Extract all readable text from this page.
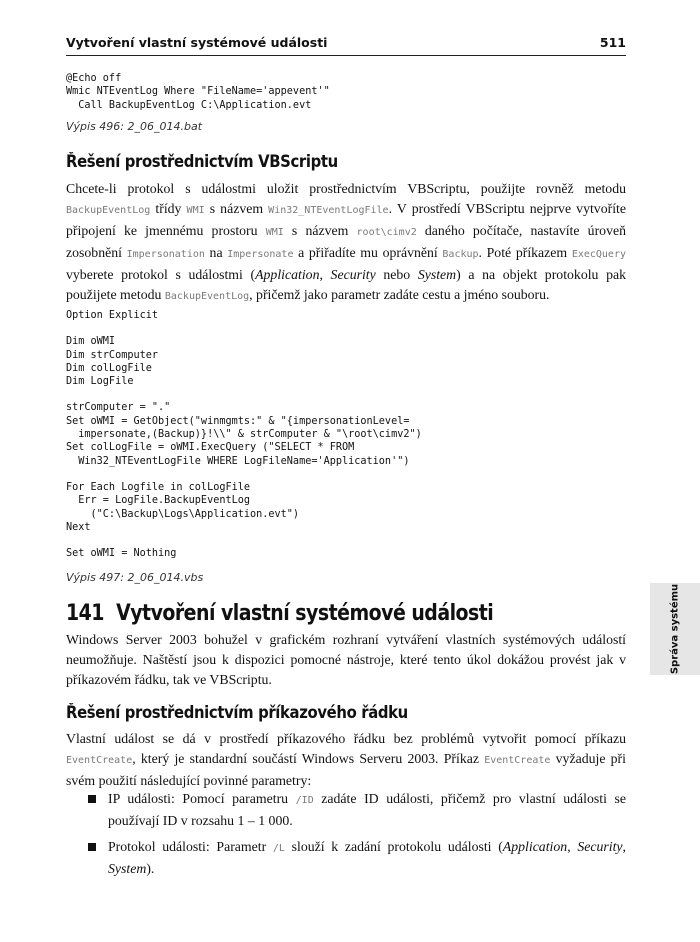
Vytvoření vlastní systémové události	511
@Echo off
Wmic NTEventLog Where "FileName='appevent'"
Call BackupEventLog C:\Application.evt
Výpis 496: 2_06_014.bat
Řešení prostřednictvím VBScriptu

Chcete-li protokol s událostmi uložit prostřednictvím VBScriptu, použijte rovněž metodu BackupEventLog třídy WMI s názvem Win32_NTEventLogFile. V prostředí VBScriptu nejprve vytvoříte připojení ke jmennému prostoru WMI s názvem root\cimv2 daného počítače, nastavíte úroveň zosobnění Impersonation na Impersonate a přiřadíte mu oprávnění Backup. Poté příkazem ExecQuery vyberete protokol s událostmi (Application, Security nebo System) a na objekt protokolu pak použijete metodu BackupEventLog, přičemž jako parametr zadáte cestu a jméno souboru.

Option Explicit
Dim oWMI
Dim strComputer
Dim colLogFile
Dim LogFile
strComputer = "."
Set oWMI = GetObject("winmgmts:" & "{impersonationLevel=
impersonate,(Backup)}!\\" & strComputer & "\root\cimv2")
Set colLogFile = oWMI.ExecQuery ("SELECT * FROM
Win32_NTEventLogFile WHERE LogFileName='Application'")
For Each Logfile in colLogFile
Err = LogFile.BackupEventLog
("C:\Backup\Logs\Application.evt")
Next
Set oWMI = Nothing
Výpis 497: 2_06_014.vbs
141 Vytvoření vlastní systémové události

Windows Server 2003 bohužel v grafickém rozhraní vytváření vlastních systémových událostí neumožňuje. Naštěstí jsou k dispozici pomocné nástroje, které tento úkol dokážou provést jak v příkazovém řádku, tak ve VBScriptu.

Řešení prostřednictvím příkazového řádku

Vlastní událost se dá v prostředí příkazového řádku bez problémů vytvořit pomocí příkazu EventCreate, který je standardní součástí Windows Serveru 2003. Příkaz EventCreate vyžaduje při svém použití následující povinné parametry:

IP události: Pomocí parametru /ID zadáte ID události, přičemž pro vlastní události se používají ID v rozsahu 1 – 1 000.
Protokol události: Parametr /L slouží k zadání protokolu události (Application, Security, System).
Správa systému
